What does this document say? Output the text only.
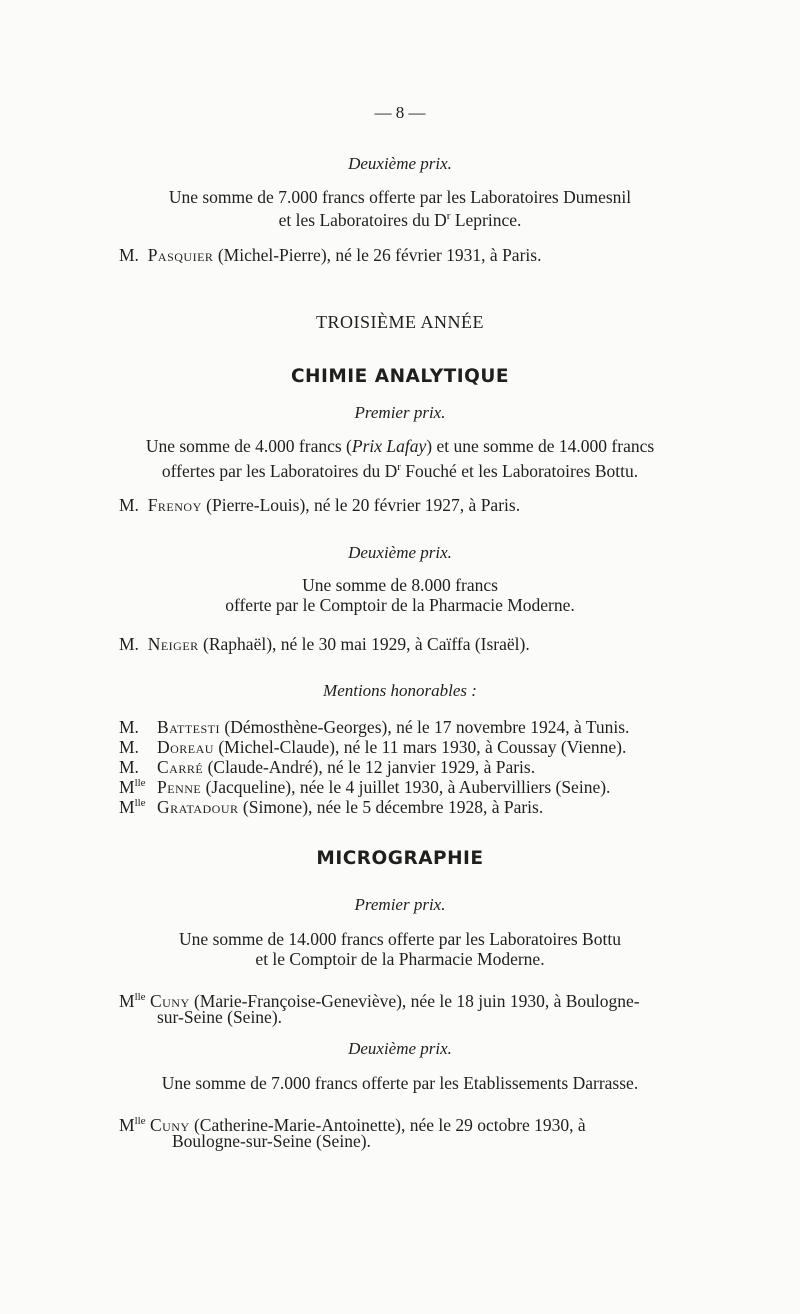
— 8 —
Deuxième prix.
Une somme de 7.000 francs offerte par les Laboratoires Dumesnil
et les Laboratoires du $D^r$ Leprince.
M. Pasquier (Michel-Pierre), né le 26 février 1931, à Paris.
TROISIÈME ANNÉE
CHIMIE ANALYTIQUE
Premier prix.
Une somme de 4.000 francs (Prix Lafay) et une somme de 14.000 francs
offertes par les Laboratoires du $D^r$ Fouché et les Laboratoires Bottu.
M. Frenoy (Pierre-Louis), né le 20 février 1927, à Paris.
Deuxième prix.
Une somme de 8.000 francs
offerte par le Comptoir de la Pharmacie Moderne.
M. Neiger (Raphaël), né le 30 mai 1929, à Caïffa (Israël).
Mentions honorables :
M. Battesti (Démosthène-Georges), né le 17 novembre 1924, à Tunis.
M. Doreau (Michel-Claude), né le 11 mars 1930, à Coussay (Vienne).
M. Carré (Claude-André), né le 12 janvier 1929, à Paris.
$M^{lle}$ Penne (Jacqueline), née le 4 juillet 1930, à Aubervilliers (Seine).
$M^{lle}$ Gratadour (Simone), née le 5 décembre 1928, à Paris.
MICROGRAPHIE
Premier prix.
Une somme de 14.000 francs offerte par les Laboratoires Bottu
et le Comptoir de la Pharmacie Moderne.
$M^{lle}$ Cuny (Marie-Françoise-Geneviève), née le 18 juin 1930, à Boulogne-
sur-Seine (Seine).
Deuxième prix.
Une somme de 7.000 francs offerte par les Etablissements Darrasse.
$M^{lle}$ Cuny (Catherine-Marie-Antoinette), née le 29 octobre 1930, à
Boulogne-sur-Seine (Seine).
